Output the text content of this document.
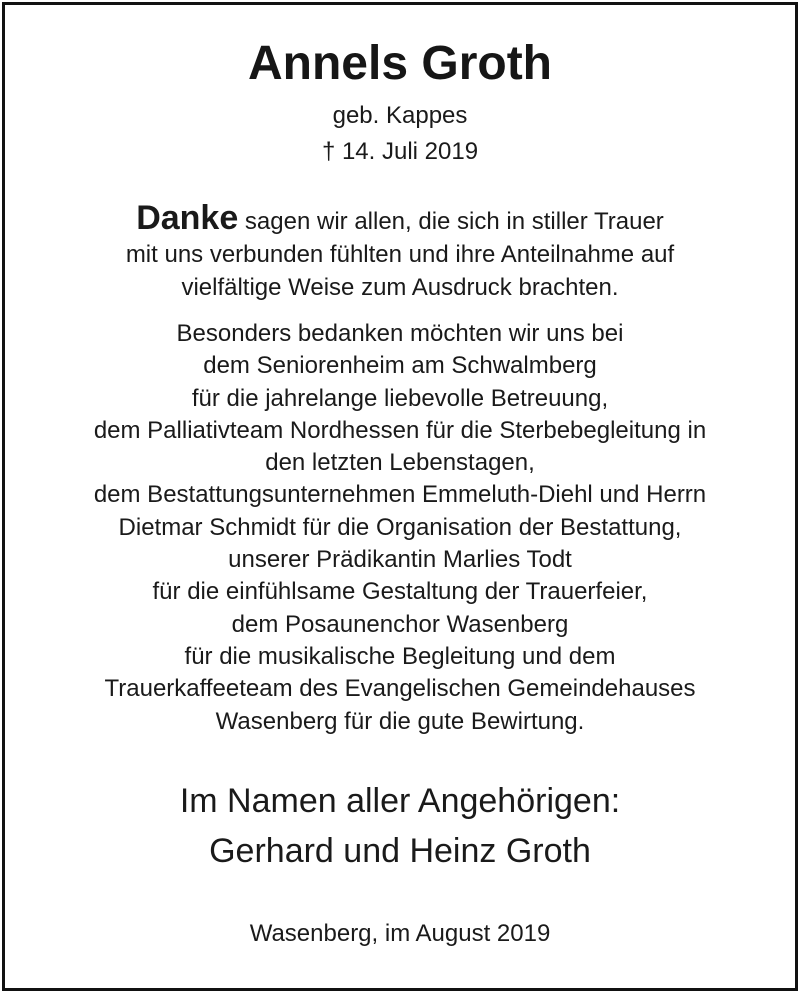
Annels Groth
geb. Kappes
† 14. Juli 2019
Danke sagen wir allen, die sich in stiller Trauer
mit uns verbunden fühlten und ihre Anteilnahme auf
vielfältige Weise zum Ausdruck brachten.
Besonders bedanken möchten wir uns bei
dem Seniorenheim am Schwalmberg
für die jahrelange liebevolle Betreuung,
dem Palliativteam Nordhessen für die Sterbebegleitung in
den letzten Lebenstagen,
dem Bestattungsunternehmen Emmeluth-Diehl und Herrn
Dietmar Schmidt für die Organisation der Bestattung,
unserer Prädikantin Marlies Todt
für die einfühlsame Gestaltung der Trauerfeier,
dem Posaunenchor Wasenberg
für die musikalische Begleitung und dem
Trauerkaffeeteam des Evangelischen Gemeindehauses
Wasenberg für die gute Bewirtung.
Im Namen aller Angehörigen:
Gerhard und Heinz Groth
Wasenberg, im August 2019
